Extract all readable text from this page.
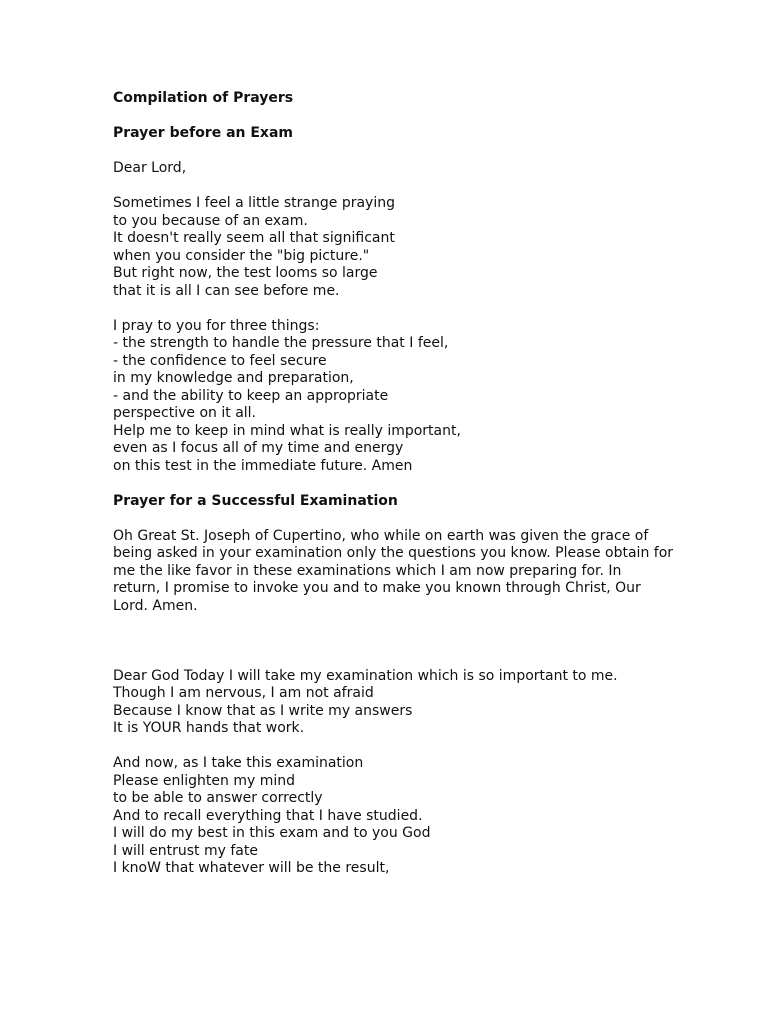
Compilation of Prayers
Prayer before an Exam
Dear Lord,
Sometimes I feel a little strange praying
to you because of an exam.
It doesn't really seem all that significant
when you consider the "big picture."
But right now, the test looms so large
that it is all I can see before me.
I pray to you for three things:
- the strength to handle the pressure that I feel,
- the confidence to feel secure
in my knowledge and preparation,
- and the ability to keep an appropriate
perspective on it all.
Help me to keep in mind what is really important,
even as I focus all of my time and energy
on this test in the immediate future. Amen
Prayer for a Successful Examination
Oh Great St. Joseph of Cupertino, who while on earth was given the grace of
being asked in your examination only the questions you know. Please obtain for
me the like favor in these examinations which I am now preparing for. In
return, I promise to invoke you and to make you known through Christ, Our
Lord. Amen.
Dear God Today I will take my examination which is so important to me.
Though I am nervous, I am not afraid
Because I know that as I write my answers
It is YOUR hands that work.
And now, as I take this examination
Please enlighten my mind
to be able to answer correctly
And to recall everything that I have studied.
I will do my best in this exam and to you God
I will entrust my fate
I knoW that whatever will be the result,
